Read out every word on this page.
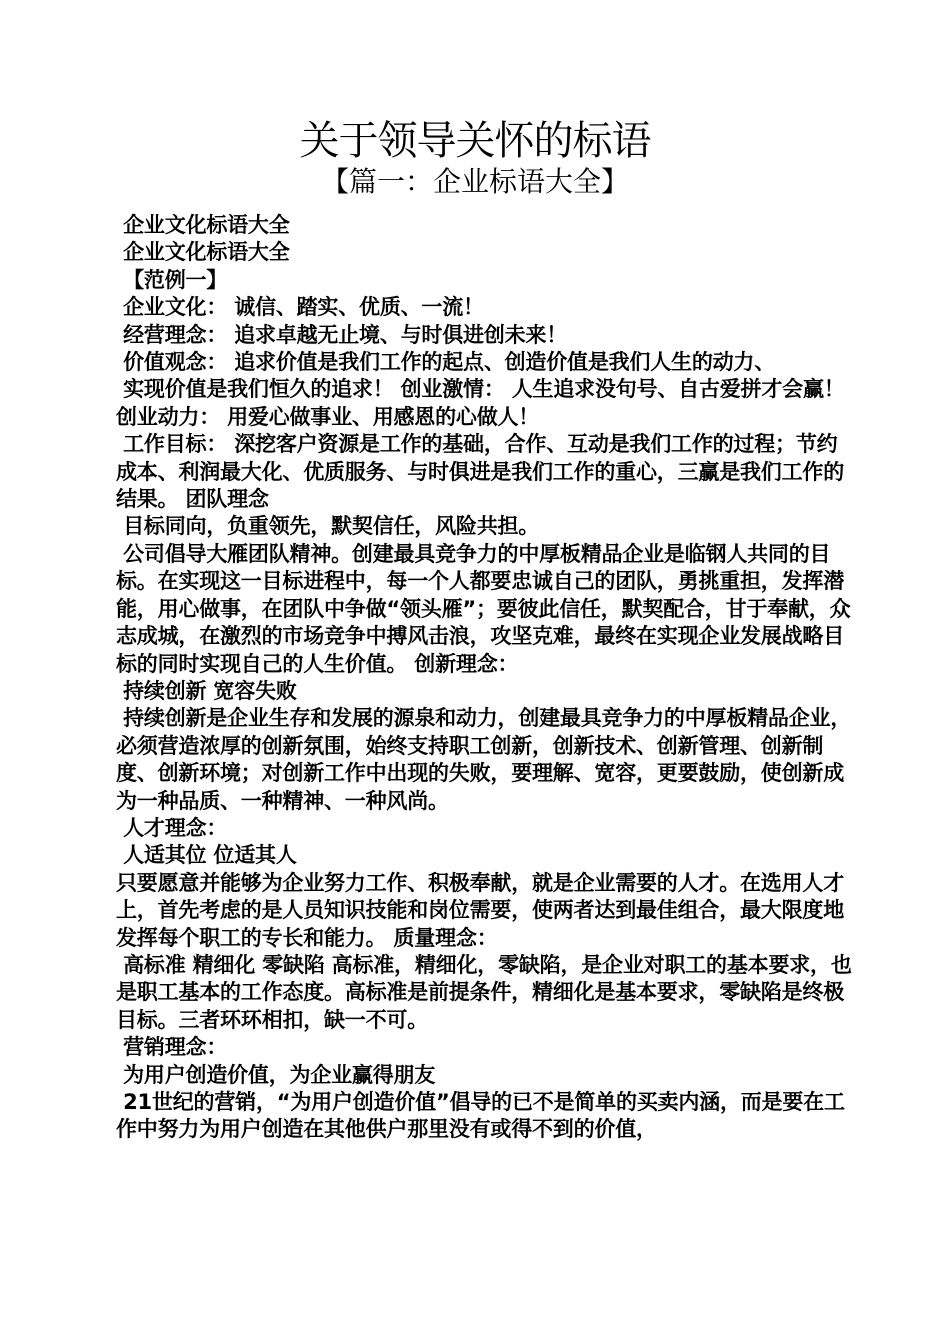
关于领导关怀的标语
【篇一：企业标语大全】

企业文化标语大全

企业文化标语大全

【范例一】

企业文化： 诚信、踏实、优质、一流！

经营理念： 追求卓越无止境、与时俱进创未来！

价值观念： 追求价值是我们工作的起点、创造价值是我们人生的动力、

实现价值是我们恒久的追求！ 创业激情： 人生追求没句号、自古爱拼才会赢！ 创业动力： 用爱心做事业、用感恩的心做人！

工作目标： 深挖客户资源是工作的基础，合作、互动是我们工作的过程；节约成本、利润最大化、优质服务、与时俱进是我们工作的重心，三赢是我们工作的结果。 团队理念

目标同向，负重领先，默契信任，风险共担。

公司倡导大雁团队精神。创建最具竞争力的中厚板精品企业是临钢人共同的目标。在实现这一目标进程中，每一个人都要忠诚自己的团队，勇挑重担，发挥潜能，用心做事，在团队中争做“领头雁”；要彼此信任，默契配合，甘于奉献，众志成城，在激烈的市场竞争中搏风击浪，攻坚克难，最终在实现企业发展战略目标的同时实现自己的人生价值。 创新理念：

持续创新 宽容失败

持续创新是企业生存和发展的源泉和动力，创建最具竞争力的中厚板精品企业，必须营造浓厚的创新氛围，始终支持职工创新，创新技术、创新管理、创新制度、创新环境；对创新工作中出现的失败，要理解、宽容，更要鼓励，使创新成为一种品质、一种精神、一种风尚。

人才理念：

人适其位 位适其人

只要愿意并能够为企业努力工作、积极奉献，就是企业需要的人才。在选用人才上，首先考虑的是人员知识技能和岗位需要，使两者达到最佳组合，最大限度地发挥每个职工的专长和能力。 质量理念：

高标准 精细化 零缺陷 高标准，精细化，零缺陷，是企业对职工的基本要求，也是职工基本的工作态度。高标准是前提条件，精细化是基本要求，零缺陷是终极目标。三者环环相扣，缺一不可。

营销理念：

为用户创造价值，为企业赢得朋友

21世纪的营销，“为用户创造价值”倡导的已不是简单的买卖内涵，而是要在工作中努力为用户创造在其他供户那里没有或得不到的价值，
